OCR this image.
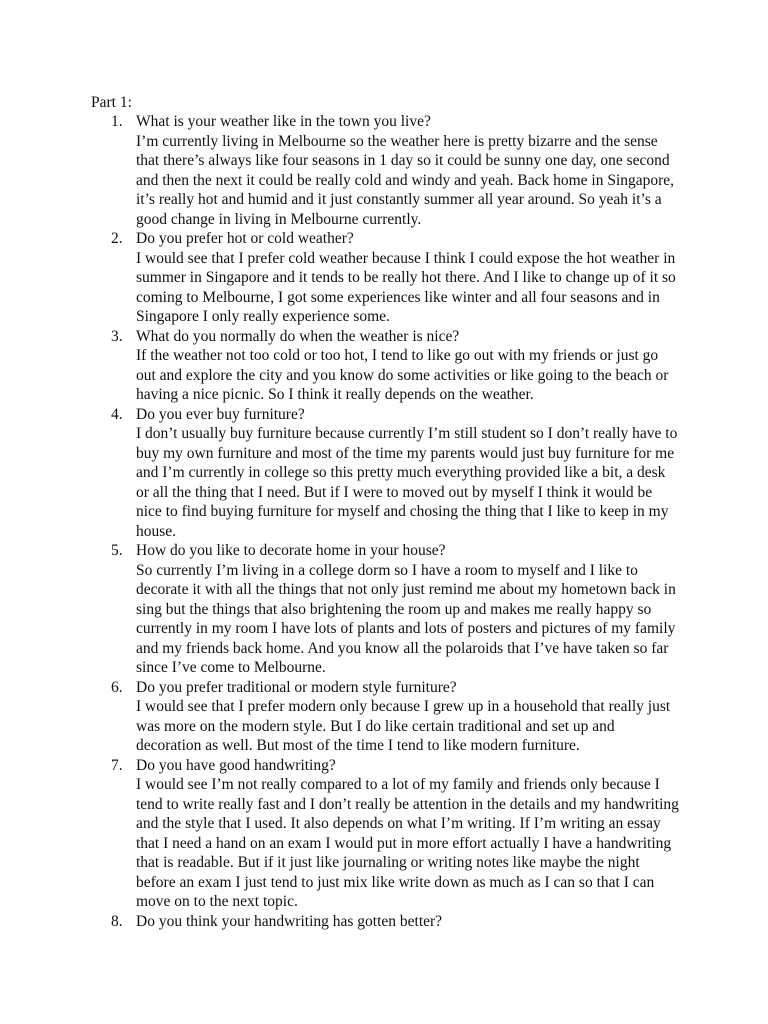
Part 1:

1. What is your weather like in the town you live?
I’m currently living in Melbourne so the weather here is pretty bizarre and the sense that there’s always like four seasons in 1 day so it could be sunny one day, one second and then the next it could be really cold and windy and yeah. Back home in Singapore, it’s really hot and humid and it just constantly summer all year around. So yeah it’s a good change in living in Melbourne currently.
2. Do you prefer hot or cold weather?
I would see that I prefer cold weather because I think I could expose the hot weather in summer in Singapore and it tends to be really hot there. And I like to change up of it so coming to Melbourne, I got some experiences like winter and all four seasons and in Singapore I only really experience some.
3. What do you normally do when the weather is nice?
If the weather not too cold or too hot, I tend to like go out with my friends or just go out and explore the city and you know do some activities or like going to the beach or having a nice picnic. So I think it really depends on the weather.
4. Do you ever buy furniture?
I don’t usually buy furniture because currently I’m still student so I don’t really have to buy my own furniture and most of the time my parents would just buy furniture for me and I’m currently in college so this pretty much everything provided like a bit, a desk or all the thing that I need. But if I were to moved out by myself I think it would be nice to find buying furniture for myself and chosing the thing that I like to keep in my house.
5. How do you like to decorate home in your house?
So currently I’m living in a college dorm so I have a room to myself and I like to decorate it with all the things that not only just remind me about my hometown back in sing but the things that also brightening the room up and makes me really happy so currently in my room I have lots of plants and lots of posters and pictures of my family and my friends back home. And you know all the polaroids that I’ve have taken so far since I’ve come to Melbourne.
6. Do you prefer traditional or modern style furniture?
I would see that I prefer modern only because I grew up in a household that really just was more on the modern style. But I do like certain traditional and set up and decoration as well. But most of the time I tend to like modern furniture.
7. Do you have good handwriting?
I would see I’m not really compared to a lot of my family and friends only because I tend to write really fast and I don’t really be attention in the details and my handwriting and the style that I used. It also depends on what I’m writing. If I’m writing an essay that I need a hand on an exam I would put in more effort actually I have a handwriting that is readable. But if it just like journaling or writing notes like maybe the night before an exam I just tend to just mix like write down as much as I can so that I can move on to the next topic.
8. Do you think your handwriting has gotten better?
